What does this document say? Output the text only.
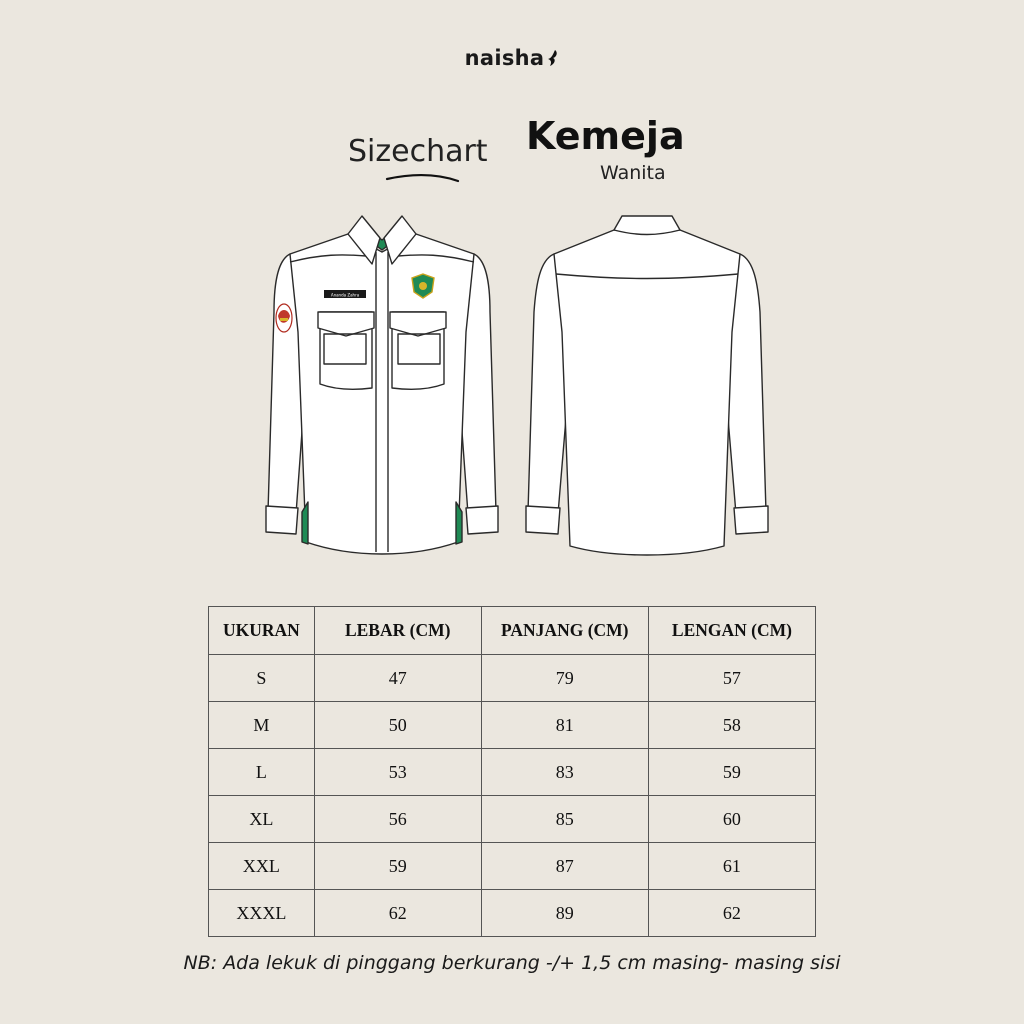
naisha
Sizechart Kemeja
Wanita
Ananda Zahra
UKURAN	LEBAR (CM)	PANJANG (CM)	LENGAN (CM)
S	47	79	57
M	50	81	58
L	53	83	59
XL	56	85	60
XXL	59	87	61
XXXL	62	89	62
NB: Ada lekuk di pinggang berkurang -/+ 1,5 cm masing- masing sisi
